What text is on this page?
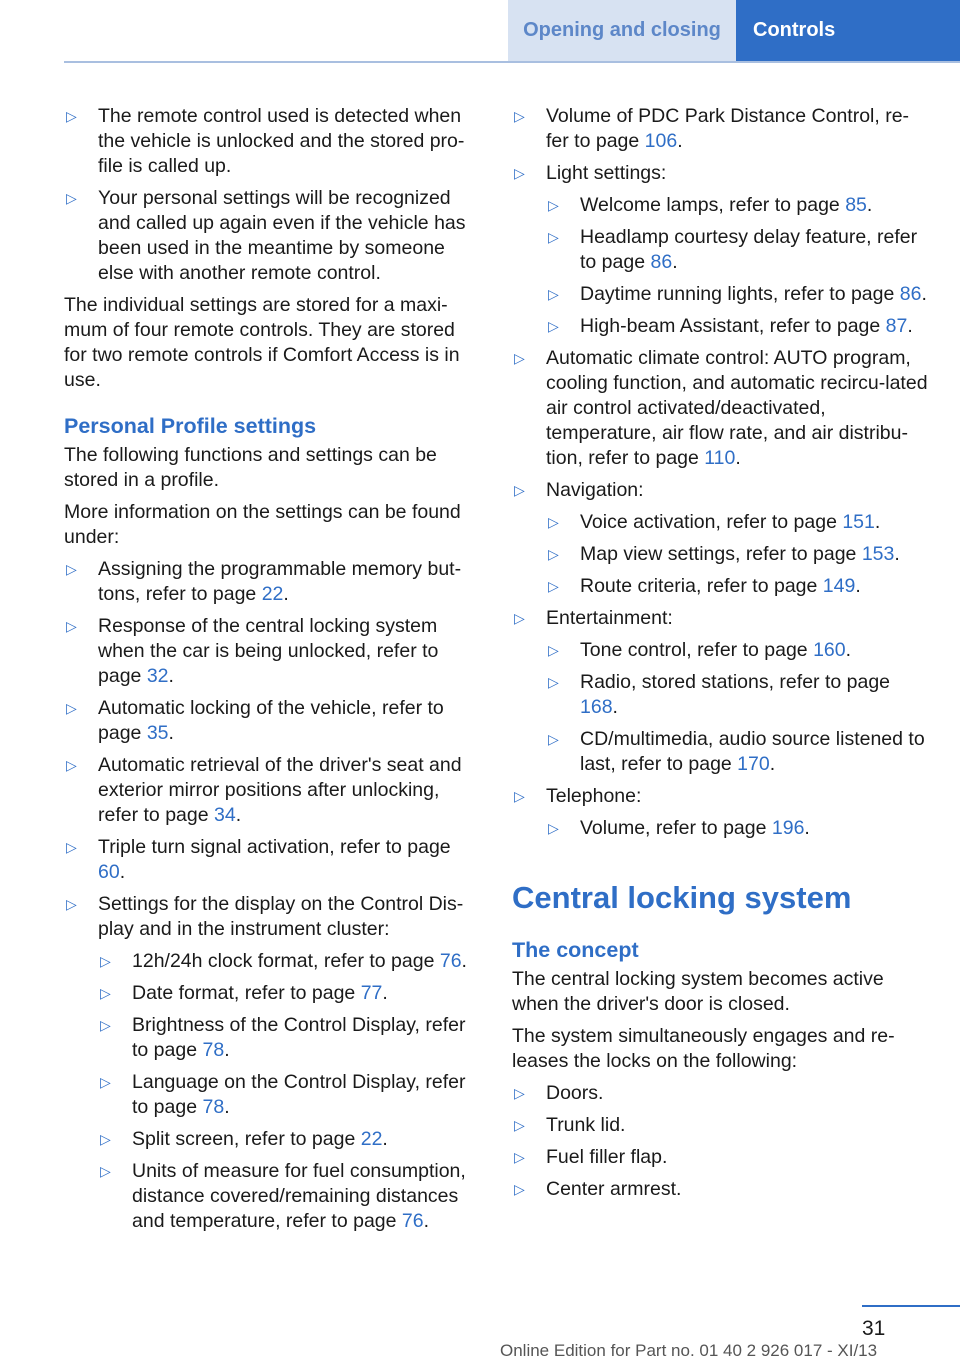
Opening and closing	Controls
▷ The remote control used is detected when the vehicle is unlocked and the stored pro-file is called up.
▷ Your personal settings will be recognized and called up again even if the vehicle has been used in the meantime by someone else with another remote control.

The individual settings are stored for a maxi-mum of four remote controls. They are stored for two remote controls if Comfort Access is in use.

Personal Profile settings

The following functions and settings can be stored in a profile.

More information on the settings can be found under:

▷ Assigning the programmable memory but-tons, refer to page 22.
▷ Response of the central locking system when the car is being unlocked, refer to page 32.
▷ Automatic locking of the vehicle, refer to page 35.
▷ Automatic retrieval of the driver's seat and exterior mirror positions after unlocking, refer to page 34.
▷ Triple turn signal activation, refer to page 60.
▷ Settings for the display on the Control Dis-play and in the instrument cluster:
▷ 12h/24h clock format, refer to page 76.
▷ Date format, refer to page 77.
▷ Brightness of the Control Display, refer to page 78.
▷ Language on the Control Display, refer to page 78.
▷ Split screen, refer to page 22.
▷ Units of measure for fuel consumption, distance covered/remaining distances and temperature, refer to page 76.
▷ Volume of PDC Park Distance Control, re-fer to page 106.
▷ Light settings:
▷ Welcome lamps, refer to page 85.
▷ Headlamp courtesy delay feature, refer to page 86.
▷ Daytime running lights, refer to page 86.
▷ High-beam Assistant, refer to page 87.
▷ Automatic climate control: AUTO program, cooling function, and automatic recircu-lated air control activated/deactivated, temperature, air flow rate, and air distribu-tion, refer to page 110.
▷ Navigation:
▷ Voice activation, refer to page 151.
▷ Map view settings, refer to page 153.
▷ Route criteria, refer to page 149.
▷ Entertainment:
▷ Tone control, refer to page 160.
▷ Radio, stored stations, refer to page 168.
▷ CD/multimedia, audio source listened to last, refer to page 170.
▷ Telephone:
▷ Volume, refer to page 196.
Central locking system
The concept

The central locking system becomes active when the driver's door is closed.

The system simultaneously engages and re-leases the locks on the following:

▷ Doors.
▷ Trunk lid.
▷ Fuel filler flap.
▷ Center armrest.
31
Online Edition for Part no. 01 40 2 926 017 - XI/13
